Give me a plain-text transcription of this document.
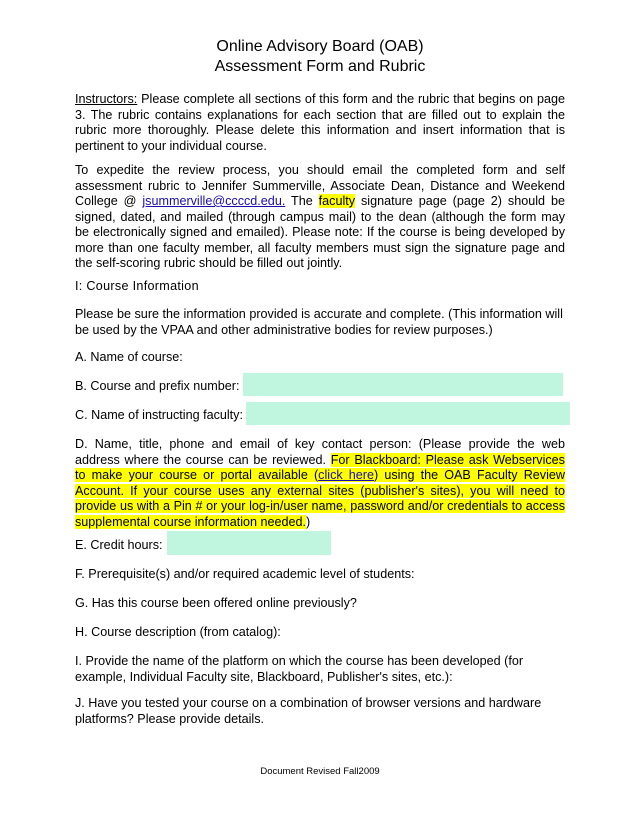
Online Advisory Board (OAB)
Assessment Form and Rubric
Instructors: Please complete all sections of this form and the rubric that begins on page 3. The rubric contains explanations for each section that are filled out to explain the rubric more thoroughly. Please delete this information and insert information that is pertinent to your individual course.
To expedite the review process, you should email the completed form and self assessment rubric to Jennifer Summerville, Associate Dean, Distance and Weekend College @ jsummerville@ccccd.edu. The faculty signature page (page 2) should be signed, dated, and mailed (through campus mail) to the dean (although the form may be electronically signed and emailed). Please note: If the course is being developed by more than one faculty member, all faculty members must sign the signature page and the self-scoring rubric should be filled out jointly.
I: Course Information
Please be sure the information provided is accurate and complete. (This information will be used by the VPAA and other administrative bodies for review purposes.)
A. Name of course:
B. Course and prefix number:
C. Name of instructing faculty:
D. Name, title, phone and email of key contact person: (Please provide the web address where the course can be reviewed. For Blackboard: Please ask Webservices to make your course or portal available (click here) using the OAB Faculty Review Account. If your course uses any external sites (publisher's sites), you will need to provide us with a Pin # or your log-in/user name, password and/or credentials to access supplemental course information needed.)
E. Credit hours:
F. Prerequisite(s) and/or required academic level of students:
G. Has this course been offered online previously?
H. Course description (from catalog):
I. Provide the name of the platform on which the course has been developed (for example, Individual Faculty site, Blackboard, Publisher's sites, etc.):
J. Have you tested your course on a combination of browser versions and hardware platforms? Please provide details.
Document Revised Fall2009
